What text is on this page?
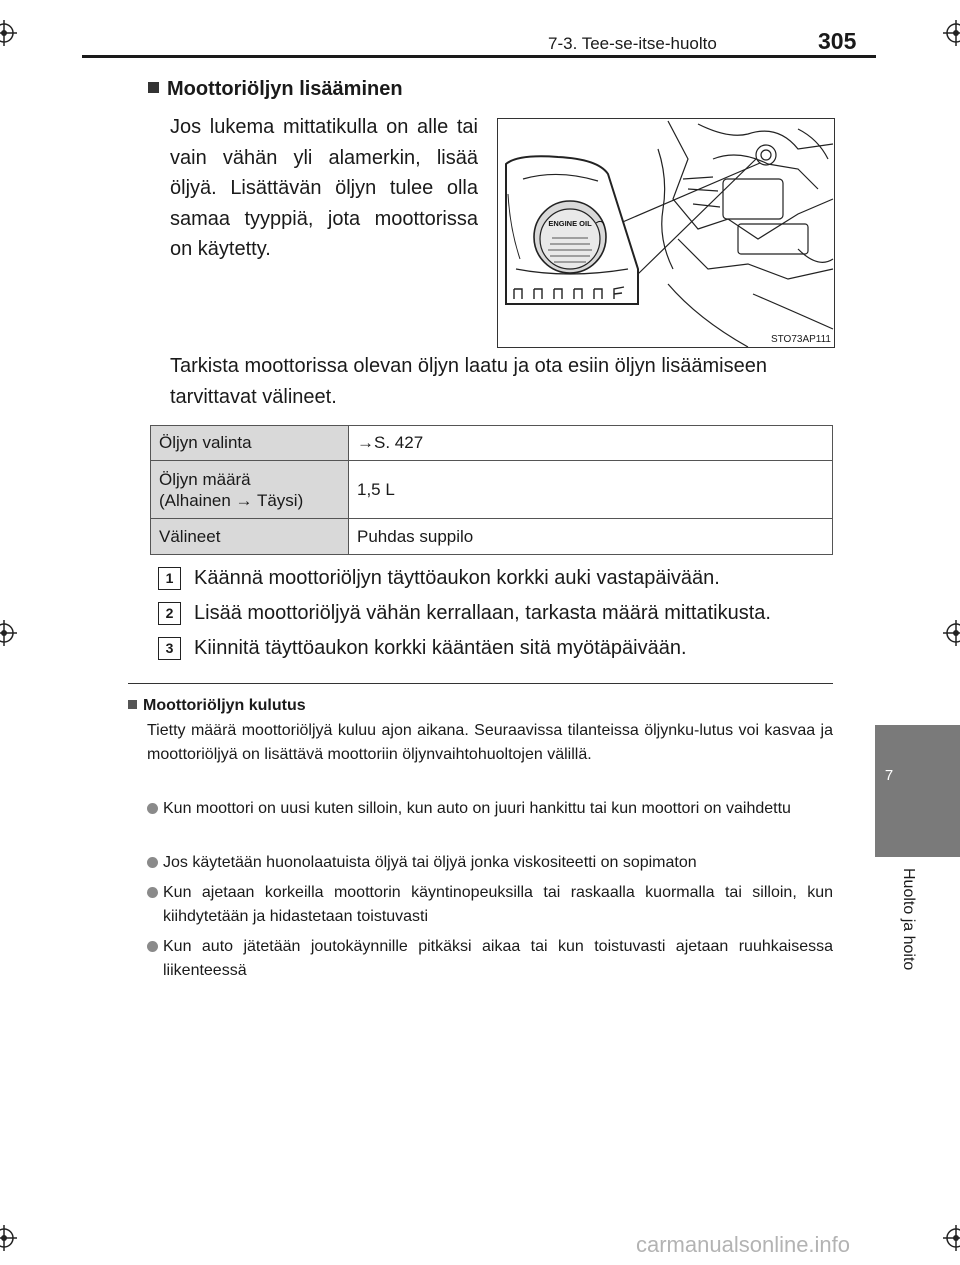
7-3. Tee-se-itse-huolto	305
7
Huolto ja hoito
Moottoriöljyn lisääminen
Jos lukema mittatikulla on alle tai vain vähän yli alamerkin, lisää öljyä. Lisättävän öljyn tulee olla samaa tyyppiä, jota moottorissa on käytetty.
ENGINE OIL
STO73AP111
Tarkista moottorissa olevan öljyn laatu ja ota esiin öljyn lisäämiseen tarvittavat välineet.
Öljyn valinta	→S. 427
Öljyn määrä
(Alhainen → Täysi)	1,5 L
Välineet	Puhdas suppilo
1 Käännä moottoriöljyn täyttöaukon korkki auki vastapäivään.
2 Lisää moottoriöljyä vähän kerrallaan, tarkasta määrä mittatikusta.
3 Kiinnitä täyttöaukon korkki kääntäen sitä myötäpäivään.
Moottoriöljyn kulutus
Tietty määrä moottoriöljyä kuluu ajon aikana. Seuraavissa tilanteissa öljynku-lutus voi kasvaa ja moottoriöljyä on lisättävä moottoriin öljynvaihtohuoltojen välillä.
Kun moottori on uusi kuten silloin, kun auto on juuri hankittu tai kun moottori on vaihdettu
Jos käytetään huonolaatuista öljyä tai öljyä jonka viskositeetti on sopimaton
Kun ajetaan korkeilla moottorin käyntinopeuksilla tai raskaalla kuormalla tai silloin, kun kiihdytetään ja hidastetaan toistuvasti
Kun auto jätetään joutokäynnille pitkäksi aikaa tai kun toistuvasti ajetaan ruuhkaisessa liikenteessä
carmanualsonline.info
